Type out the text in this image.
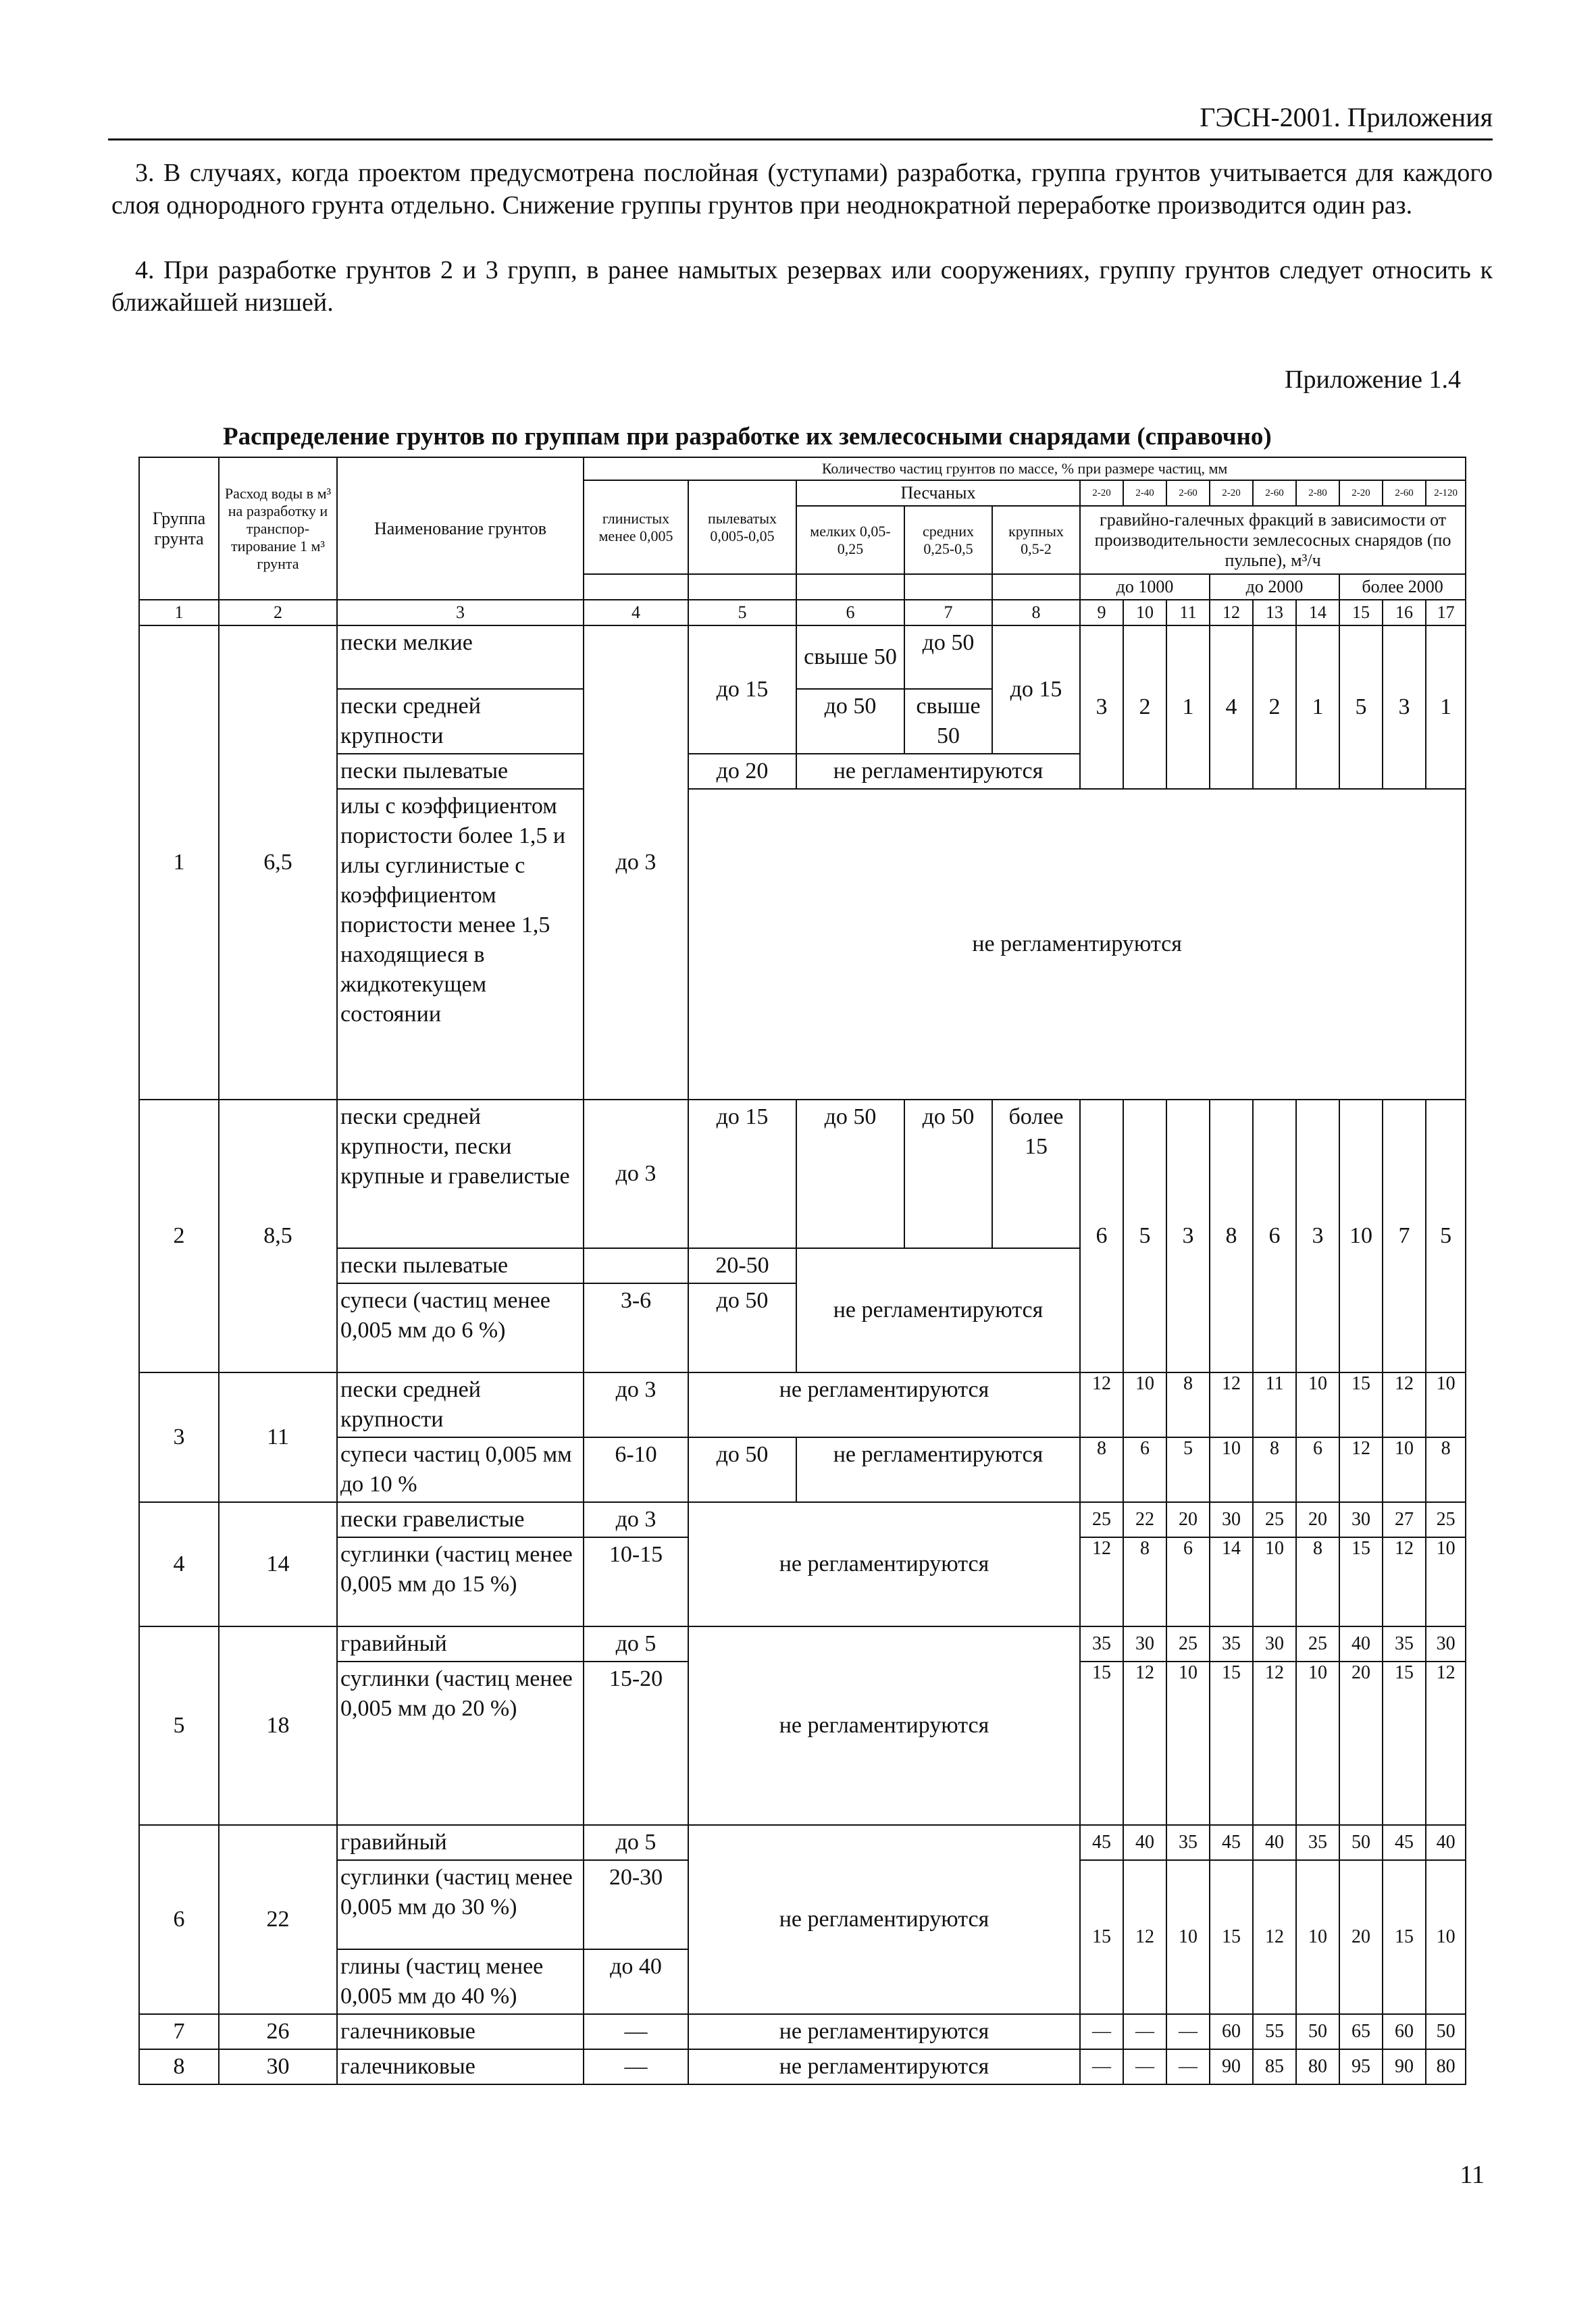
ГЭСН-2001. Приложения
3. В случаях, когда проектом предусмотрена послойная (уступами) разработка, группа грунтов учитывается для каждого слоя однородного грунта отдельно. Снижение группы грунтов при неоднократной переработке производится один раз.
4. При разработке грунтов 2 и 3 групп, в ранее намытых резервах или сооружениях, группу грунтов следует относить к ближайшей низшей.
Приложение 1.4
Распределение грунтов по группам при разработке их землесосными снарядами (справочно)
Группа грунта	Расход воды в м³ на разработку и транспор-тирование 1 м³ грунта	Наименование грунтов	Количество частиц грунтов по массе, % при размере частиц, мм													
			глинистых менее 0,005	пылеватых 0,005-0,05	Песчаных			2-20	2-40	2-60	2-20	2-60	2-80	2-20	2-60	2-120
					мелких 0,05-0,25	средних 0,25-0,5	крупных 0,5-2	гравийно-галечных фракций в зависимости от производительности землесосных снарядов (по пульпе), м³/ч								

								до 1000			до 2000			более 2000		
1	2	3	4	5	6	7	8	9	10	11	12	13	14	15	16	17
1	6,5	пески мелкие	до 3	до 15	свыше 50	до 50	до 15	3	2	1	4	2	1	5	3	1
		пески средней крупности			до 50	свыше 50										
		пески пылеватые		до 20	не регламентируются											
		илы с коэффициентом пористости более 1,5 и илы суглинистые с коэффициентом пористости менее 1,5 находящиеся в жидкотекущем состоянии		не регламентируются												
2	8,5	пески средней крупности, пески крупные и гравелистые	до 3	до 15	до 50	до 50	более 15	6	5	3	8	6	3	10	7	5
		пески пылеватые		20-50	не регламентируются											
		супеси (частиц менее 0,005 мм до 6 %)	3-6	до 50												
3	11	пески средней крупности	до 3	не регламентируются				12	10	8	12	11	10	15	12	10
		супеси частиц 0,005 мм до 10 %	6-10	до 50	не регламентируются			8	6	5	10	8	6	12	10	8
4	14	пески гравелистые	до 3	не регламентируются				25	22	20	30	25	20	30	27	25
		суглинки (частиц менее 0,005 мм до 15 %)	10-15					12	8	6	14	10	8	15	12	10
5	18	гравийный	до 5	не регламентируются				35	30	25	35	30	25	40	35	30
		суглинки (частиц менее 0,005 мм до 20 %)	15-20					15	12	10	15	12	10	20	15	12
6	22	гравийный	до 5	не регламентируются				45	40	35	45	40	35	50	45	40
		суглинки (частиц менее 0,005 мм до 30 %)	20-30					15	12	10	15	12	10	20	15	10
		глины (частиц менее 0,005 мм до 40 %)	до 40													
7	26	галечниковые	—	не регламентируются				—	—	—	60	55	50	65	60	50
8	30	галечниковые	—	не регламентируются				—	—	—	90	85	80	95	90	80
11
